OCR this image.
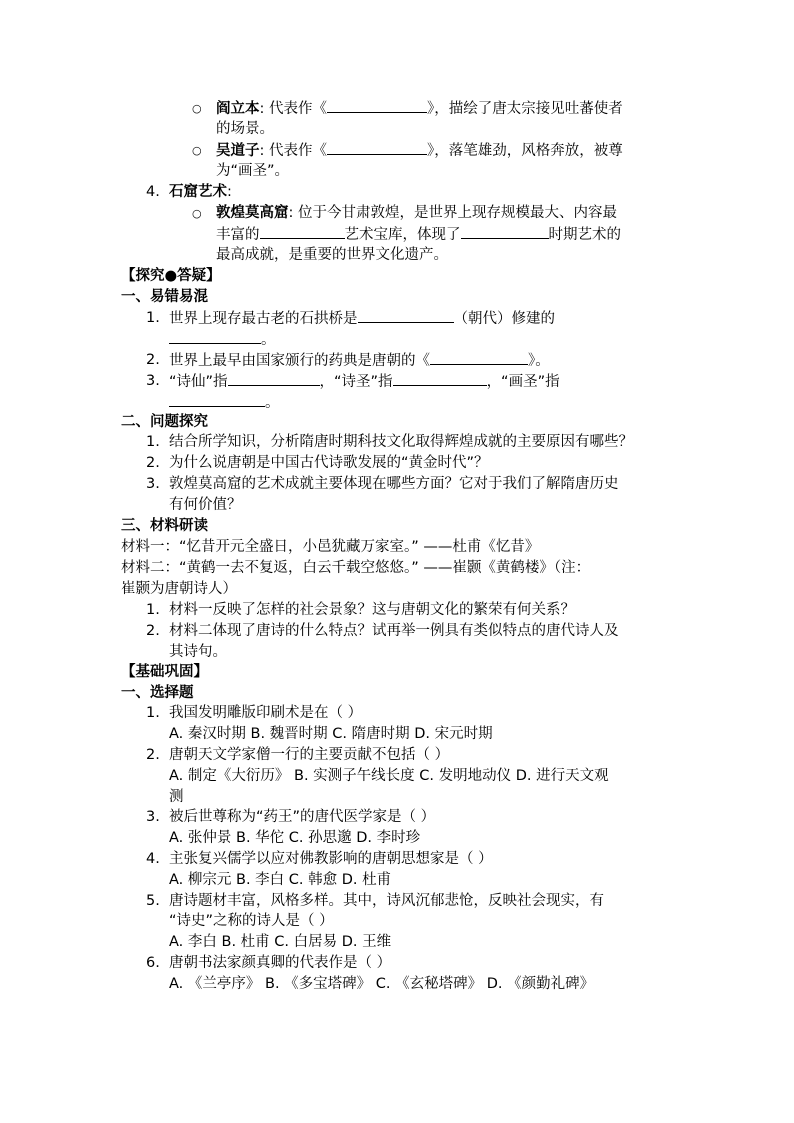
○ 阎立本: 代表作《	》，描绘了唐太宗接见吐蕃使者
的场景。
○ 吴道子: 代表作《	》，落笔雄劲，风格奔放，被尊
为“画圣”。
4. 石窟艺术:
○ 敦煌莫高窟: 位于今甘肃敦煌，是世界上现存规模最大、内容最
丰富的	艺术宝库，体现了	时期艺术的
最高成就，是重要的世界文化遗产。
【探究●答疑】
一、易错易混
1. 世界上现存最古老的石拱桥是	（朝代）修建的
。
2. 世界上最早由国家颁行的药典是唐朝的《	》。
3. “诗仙”指	，“诗圣”指	，“画圣”指
。
二、问题探究
1. 结合所学知识，分析隋唐时期科技文化取得辉煌成就的主要原因有哪些？
2. 为什么说唐朝是中国古代诗歌发展的“黄金时代”？
3. 敦煌莫高窟的艺术成就主要体现在哪些方面？它对于我们了解隋唐历史
有何价值？
三、材料研读
材料一：“忆昔开元全盛日，小邑犹藏万家室。” ——杜甫《忆昔》
材料二：“黄鹤一去不复返，白云千载空悠悠。” ——崔颢《黄鹤楼》（注：
崔颢为唐朝诗人）
1. 材料一反映了怎样的社会景象？这与唐朝文化的繁荣有何关系？
2. 材料二体现了唐诗的什么特点？试再举一例具有类似特点的唐代诗人及
其诗句。
【基础巩固】
一、选择题
1. 我国发明雕版印刷术是在（ ）
A. 秦汉时期 B. 魏晋时期 C. 隋唐时期 D. 宋元时期
2. 唐朝天文学家僧一行的主要贡献不包括（ ）
A. 制定《大衍历》 B. 实测子午线长度 C. 发明地动仪 D. 进行天文观
测
3. 被后世尊称为“药王”的唐代医学家是（ ）
A. 张仲景 B. 华佗 C. 孙思邈 D. 李时珍
4. 主张复兴儒学以应对佛教影响的唐朝思想家是（ ）
A. 柳宗元 B. 李白 C. 韩愈 D. 杜甫
5. 唐诗题材丰富，风格多样。其中，诗风沉郁悲怆，反映社会现实，有
“诗史”之称的诗人是（ ）
A. 李白 B. 杜甫 C. 白居易 D. 王维
6. 唐朝书法家颜真卿的代表作是（ ）
A. 《兰亭序》 B. 《多宝塔碑》 C. 《玄秘塔碑》 D. 《颜勤礼碑》
